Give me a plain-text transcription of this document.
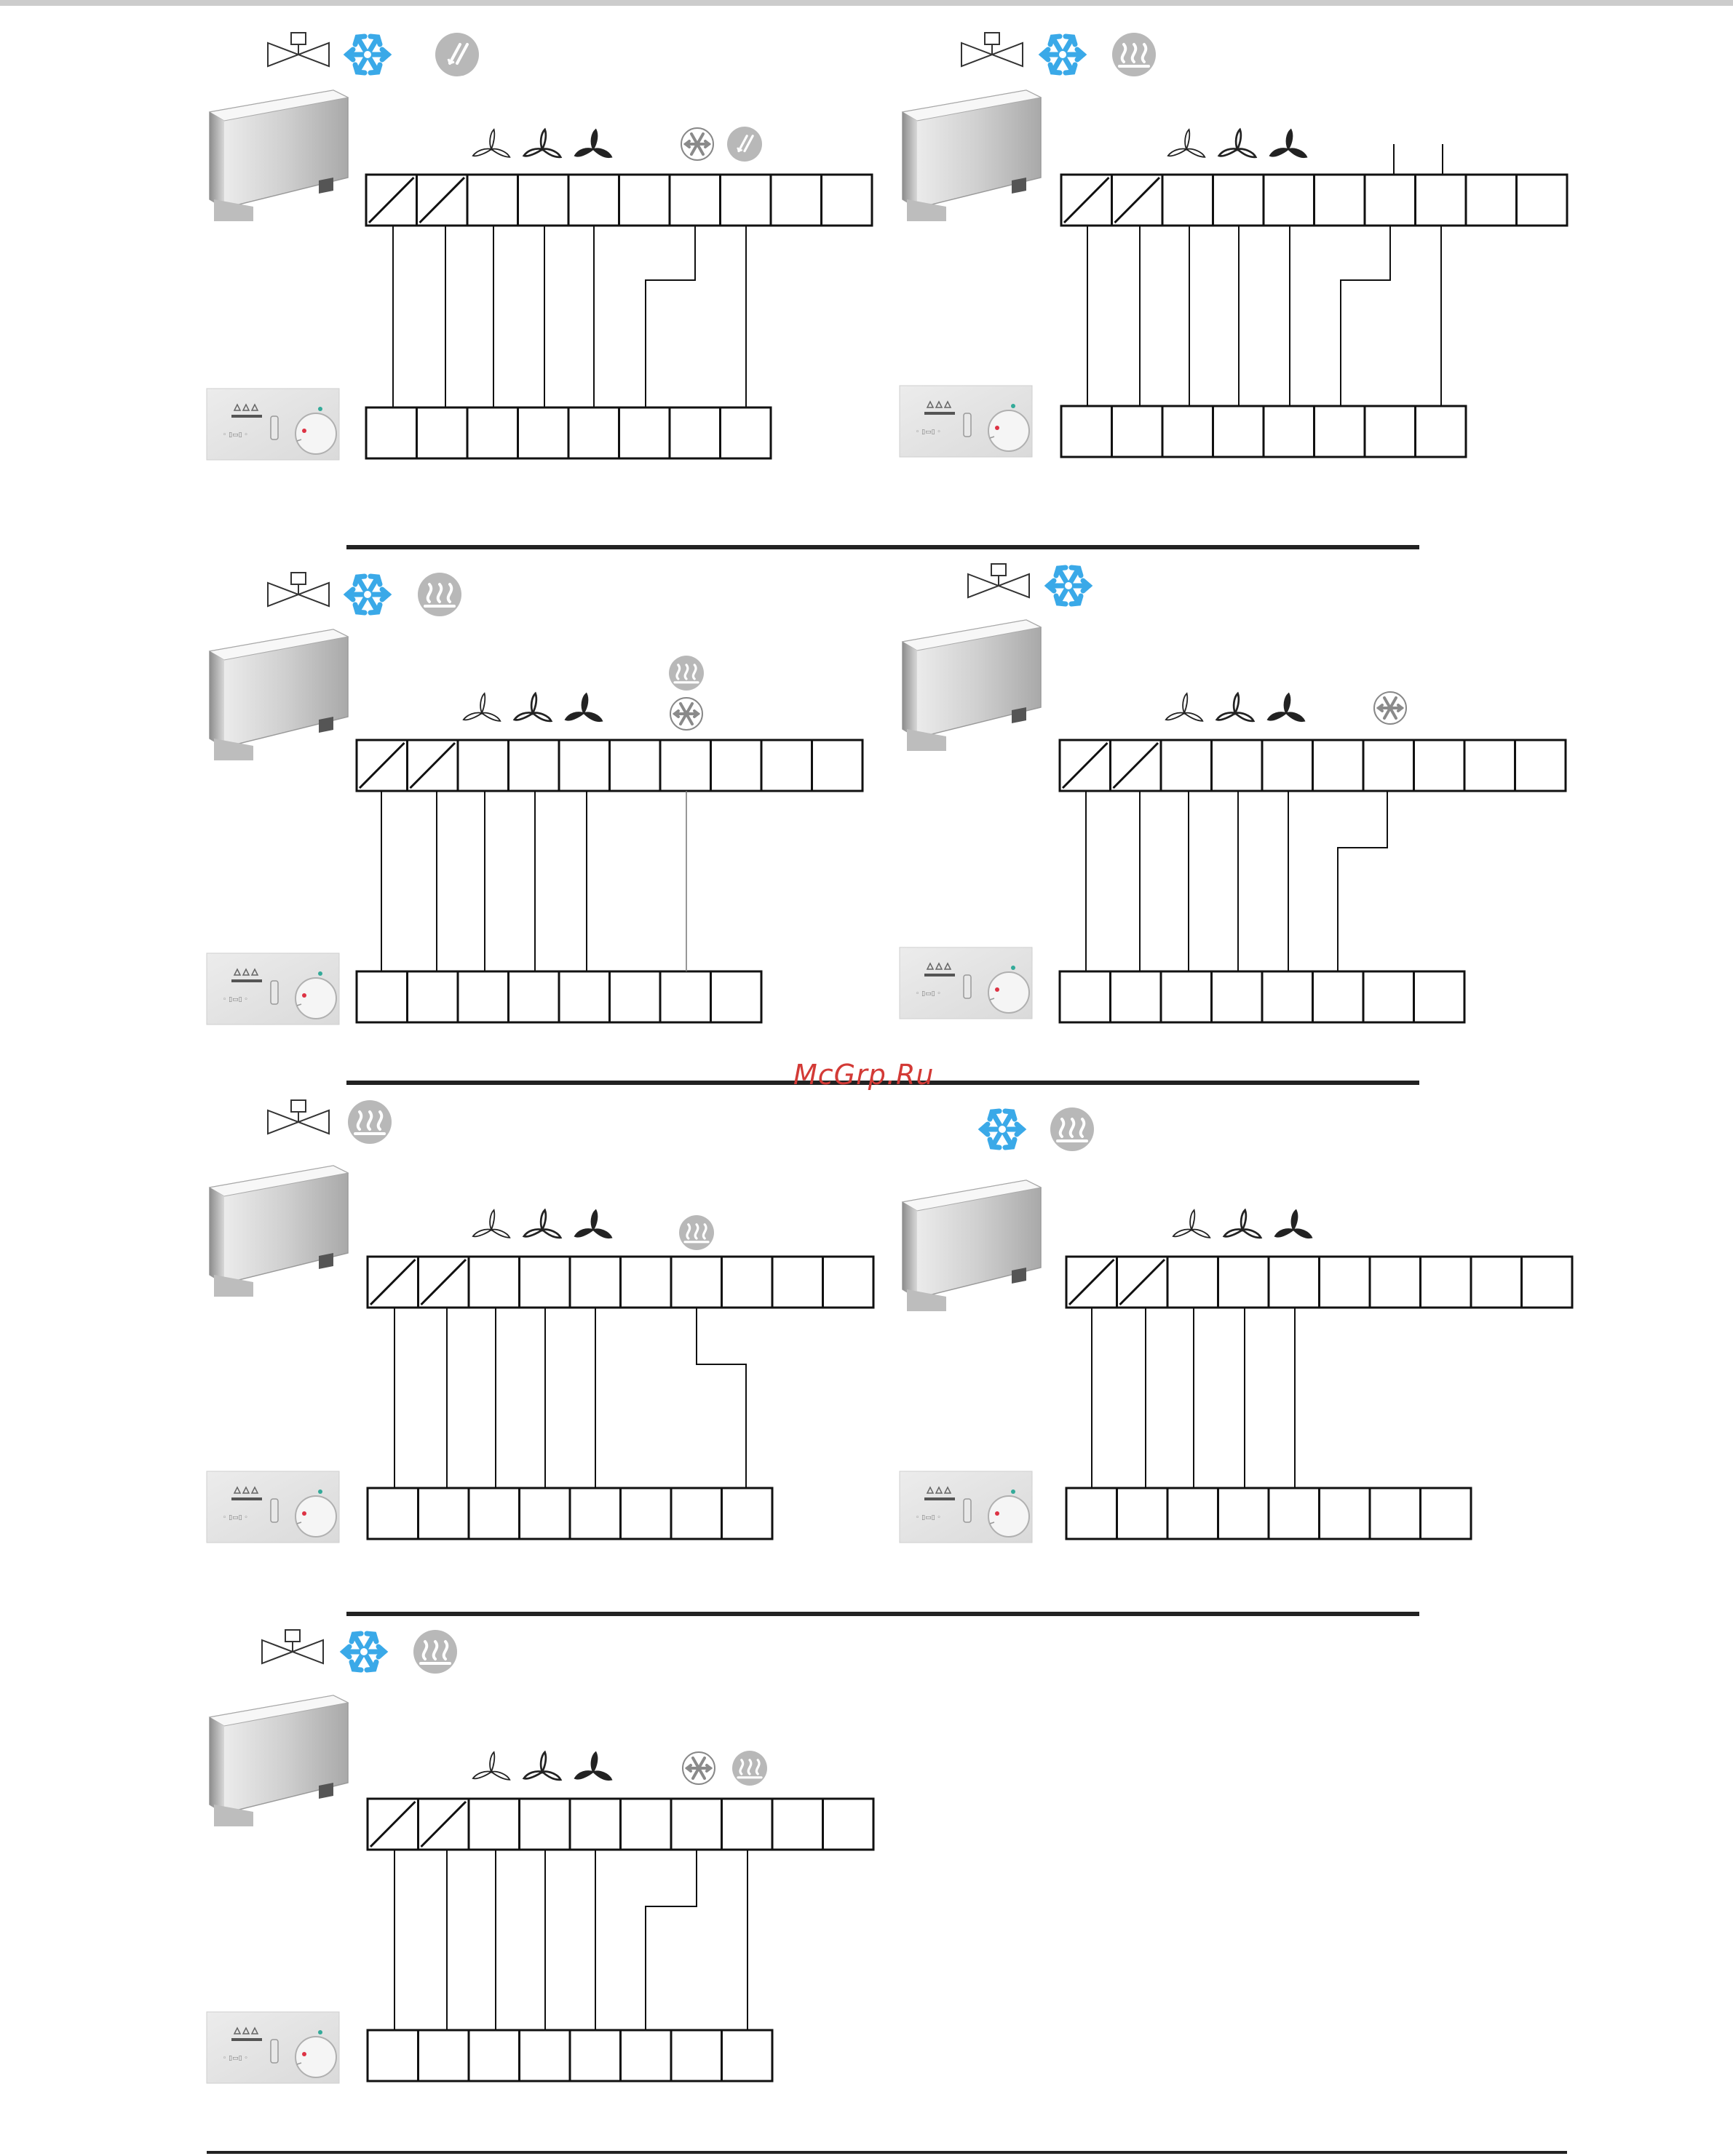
◦ ▯▭▯ ◦
McGrp.Ru
